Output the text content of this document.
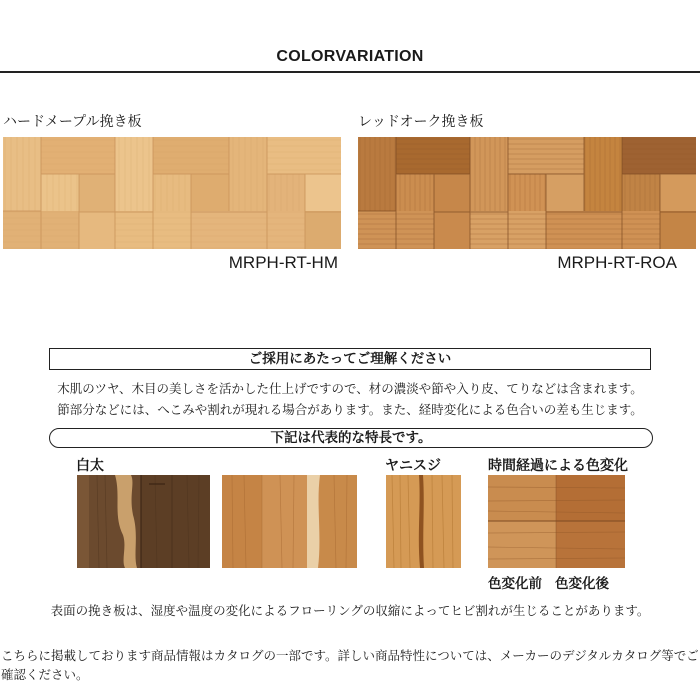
COLORVARIATION
ハードメープル挽き板
MRPH-RT-HM
レッドオーク挽き板
MRPH-RT-ROA
ご採用にあたってご理解ください
木肌のツヤ、木目の美しさを活かした仕上げですので、材の濃淡や節や入り皮、てりなどは含まれます。
節部分などには、へこみや割れが現れる場合があります。また、経時変化による色合いの差も生じます。
下記は代表的な特長です。
白太	ヤニスジ	時間経過による色変化
色変化前 色変化後
表面の挽き板は、湿度や温度の変化によるフローリングの収縮によってヒビ割れが生じることがあります。
こちらに掲載しております商品情報はカタログの一部です。詳しい商品特性については、メーカーのデジタルカタログ等でご確認ください。
